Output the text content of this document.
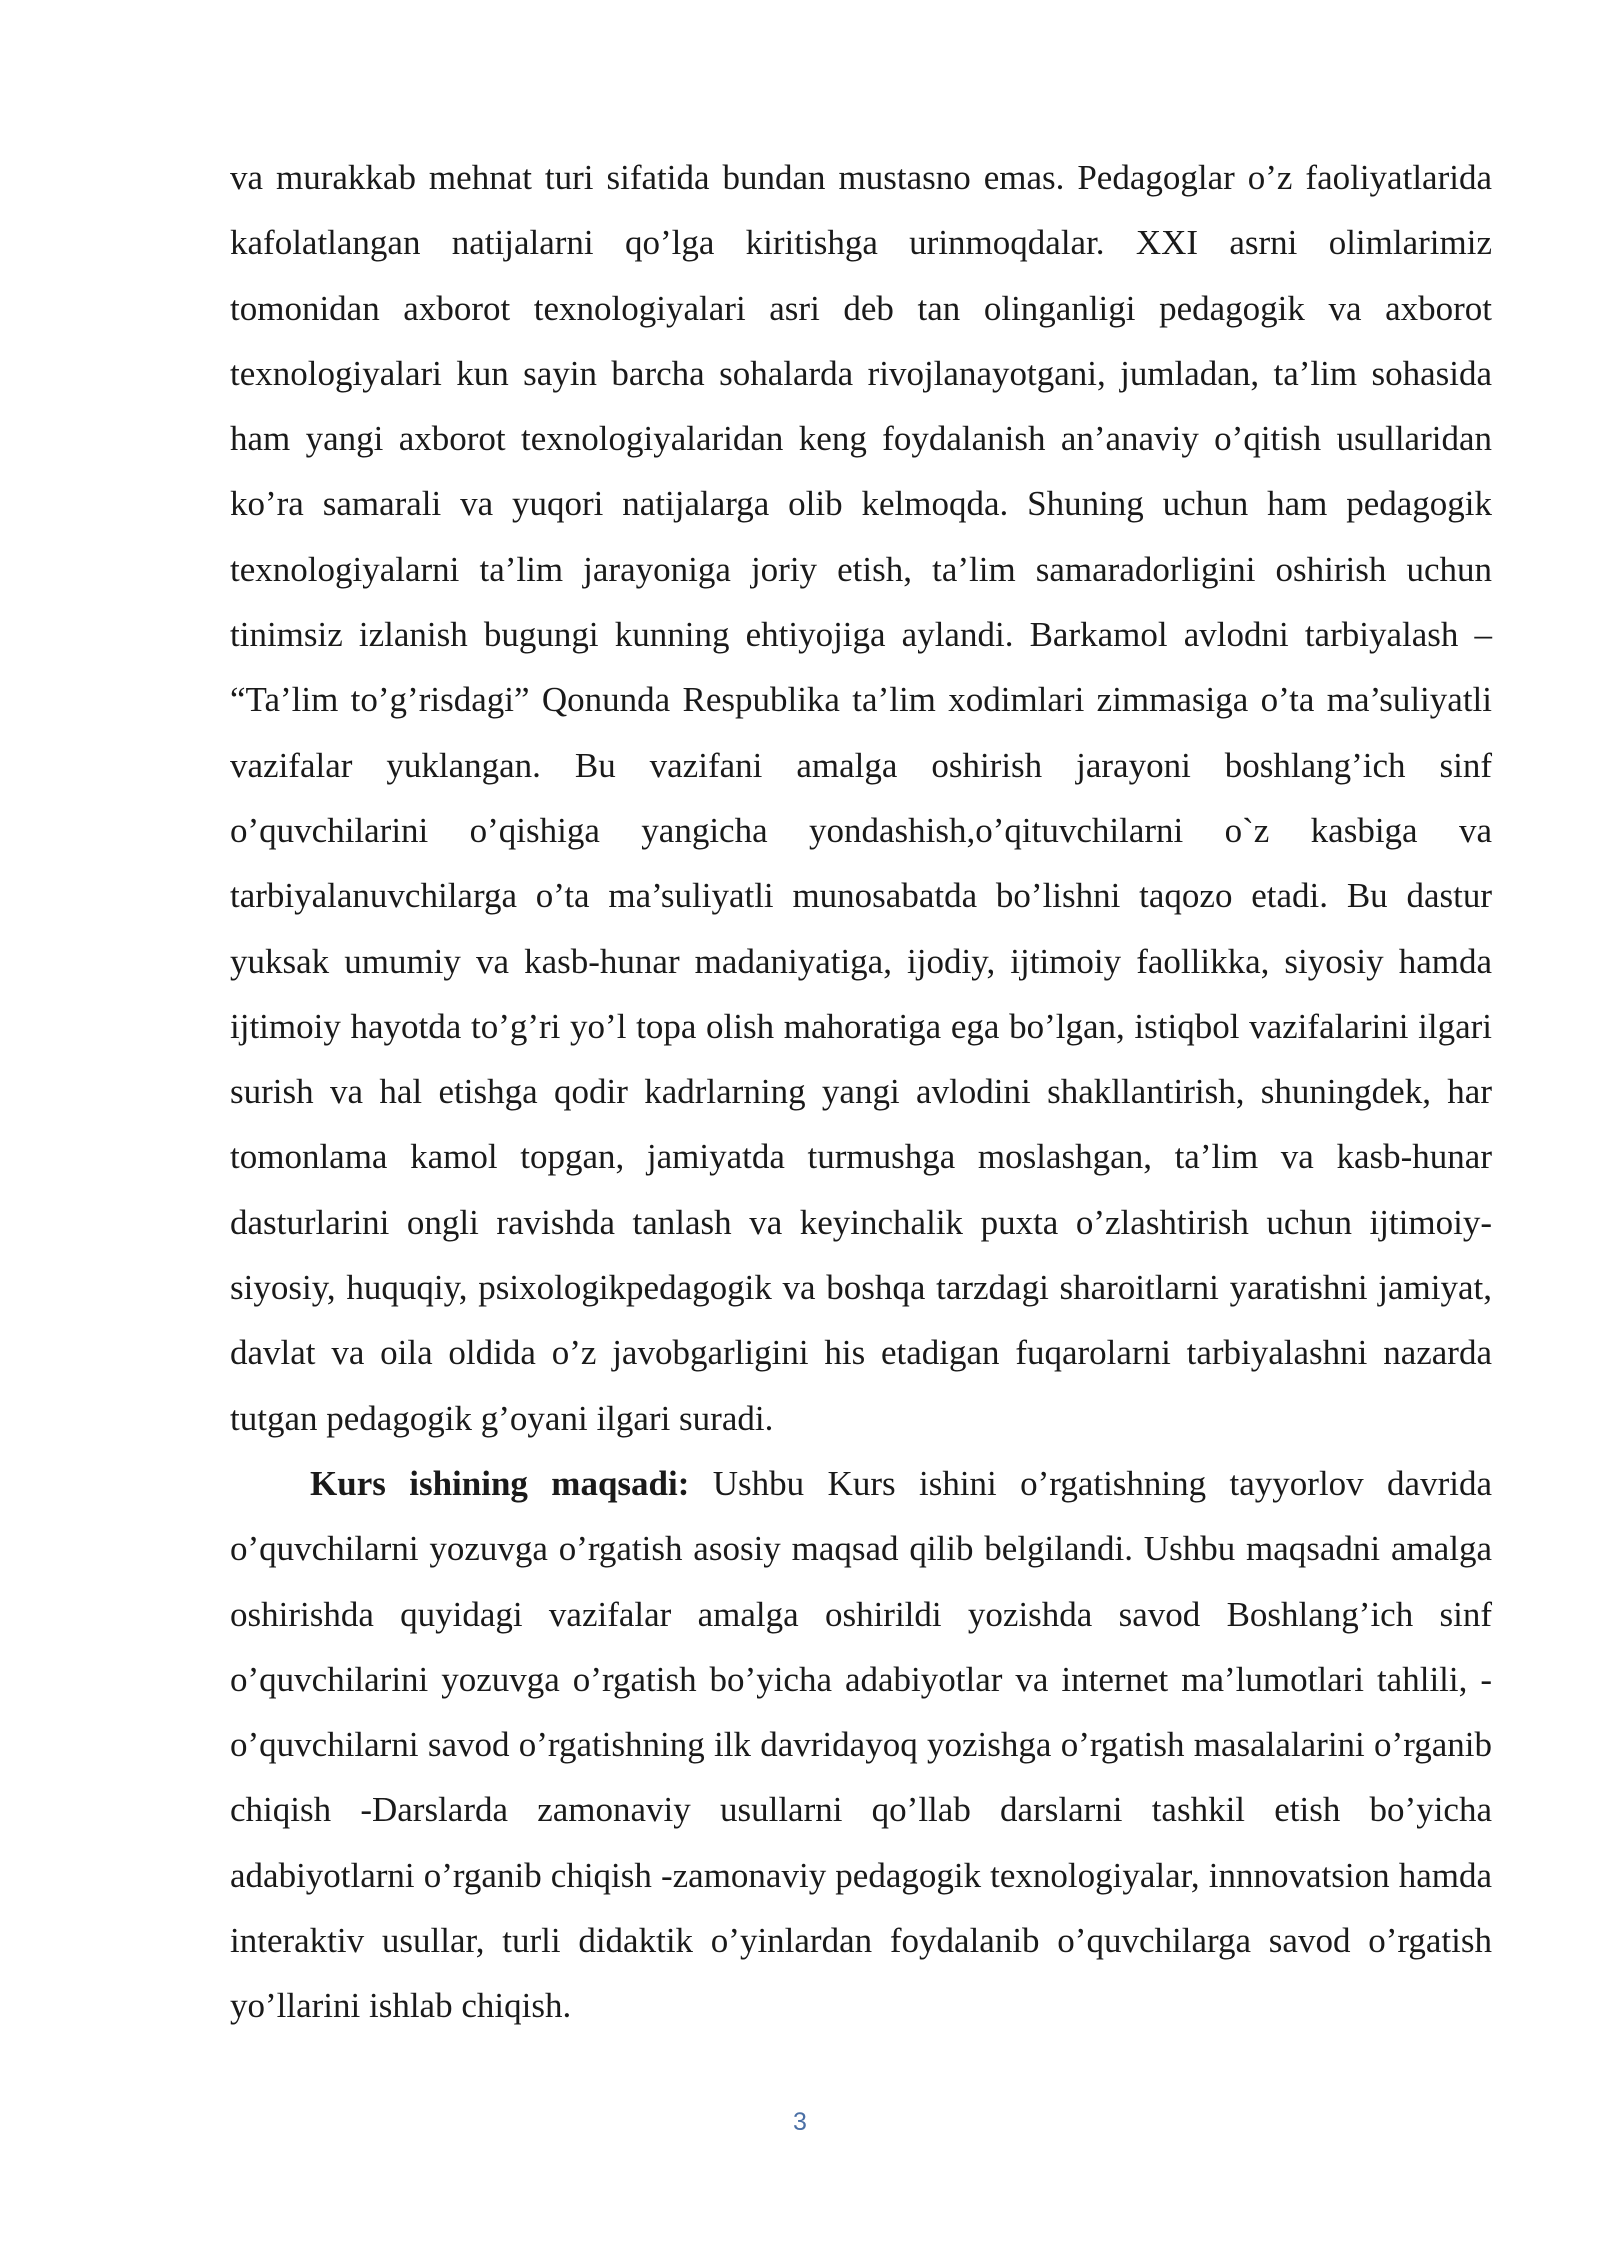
va murakkab mehnat turi sifatida bundan mustasno emas. Pedagoglar o’z faoliyatlarida kafolatlangan natijalarni qo’lga kiritishga urinmoqdalar. XXI asrni olimlarimiz tomonidan axborot texnologiyalari asri deb tan olinganligi pedagogik va axborot texnologiyalari kun sayin barcha sohalarda rivojlanayotgani, jumladan, ta’lim sohasida ham yangi axborot texnologiyalaridan keng foydalanish an’anaviy o’qitish usullaridan ko’ra samarali va yuqori natijalarga olib kelmoqda. Shuning uchun ham pedagogik texnologiyalarni ta’lim jarayoniga joriy etish, ta’lim samaradorligini oshirish uchun tinimsiz izlanish bugungi kunning ehtiyojiga aylandi. Barkamol avlodni tarbiyalash – “Ta’lim to’g’risdagi” Qonunda Respublika ta’lim xodimlari zimmasiga o’ta ma’suliyatli vazifalar yuklangan. Bu vazifani amalga oshirish jarayoni boshlang’ich sinf o’quvchilarini o’qishiga yangicha yondashish,o’qituvchilarni o`z kasbiga va tarbiyalanuvchilarga o’ta ma’suliyatli munosabatda bo’lishni taqozo etadi. Bu dastur yuksak umumiy va kasb-hunar madaniyatiga, ijodiy, ijtimoiy faollikka, siyosiy hamda ijtimoiy hayotda to’g’ri yo’l topa olish mahoratiga ega bo’lgan, istiqbol vazifalarini ilgari surish va hal etishga qodir kadrlarning yangi avlodini shakllantirish, shuningdek, har tomonlama kamol topgan, jamiyatda turmushga moslashgan, ta’lim va kasb-hunar dasturlarini ongli ravishda tanlash va keyinchalik puxta o’zlashtirish uchun ijtimoiy-siyosiy, huquqiy, psixologikpedagogik va boshqa tarzdagi sharoitlarni yaratishni jamiyat, davlat va oila oldida o’z javobgarligini his etadigan fuqarolarni tarbiyalashni nazarda tutgan pedagogik g’oyani ilgari suradi.

Kurs ishining maqsadi: Ushbu Kurs ishini o’rgatishning tayyorlov davrida o’quvchilarni yozuvga o’rgatish asosiy maqsad qilib belgilandi. Ushbu maqsadni amalga oshirishda quyidagi vazifalar amalga oshirildi yozishda savod Boshlang’ich sinf o’quvchilarini yozuvga o’rgatish bo’yicha adabiyotlar va internet ma’lumotlari tahlili, -o’quvchilarni savod o’rgatishning ilk davridayoq yozishga o’rgatish masalalarini o’rganib chiqish -Darslarda zamonaviy usullarni qo’llab darslarni tashkil etish bo’yicha adabiyotlarni o’rganib chiqish -zamonaviy pedagogik texnologiyalar, innnovatsion hamda interaktiv usullar, turli didaktik o’yinlardan foydalanib o’quvchilarga savod o’rgatish yo’llarini ishlab chiqish.

3
